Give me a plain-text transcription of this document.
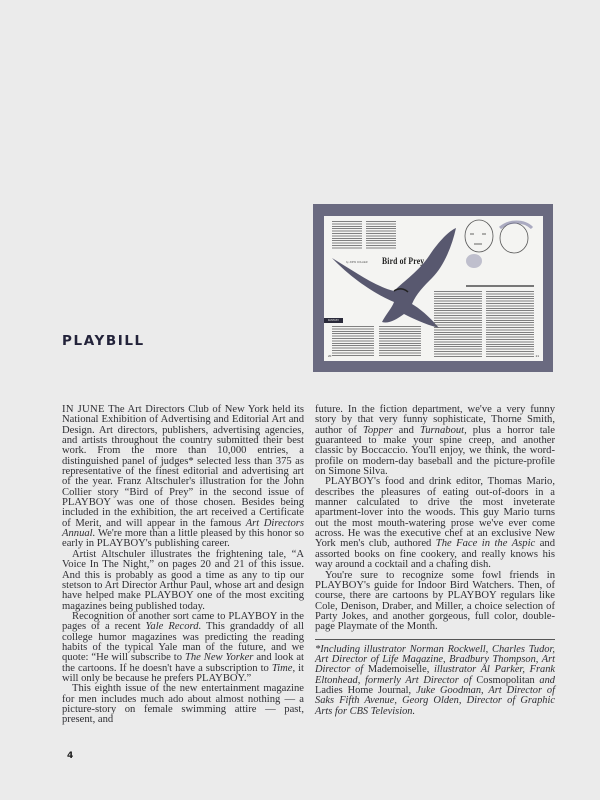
by JOHN COLLIER Bird of Prey
FANTASY
20	21
PLAYBILL

IN JUNE The Art Directors Club of New York held its National Exhibition of Advertising and Editorial Art and Design. Art directors, publishers, advertising agencies, and artists throughout the country submitted their best work. From the more than 10,000 entries, a distinguished panel of judges* selected less than 375 as representative of the finest editorial and advertising art of the year. Franz Altschuler's illustration for the John Collier story “Bird of Prey” in the second issue of PLAYBOY was one of those chosen. Besides being included in the exhibition, the art received a Certificate of Merit, and will appear in the famous Art Directors Annual. We're more than a little pleased by this honor so early in PLAYBOY's publishing career.

Artist Altschuler illustrates the frightening tale, “A Voice In The Night,” on pages 20 and 21 of this issue. And this is probably as good a time as any to tip our stetson to Art Director Arthur Paul, whose art and design have helped make PLAYBOY one of the most exciting magazines being published today.

Recognition of another sort came to PLAYBOY in the pages of a recent Yale Record. This grandaddy of all college humor magazines was predicting the reading habits of the typical Yale man of the future, and we quote: “He will subscribe to The New Yorker and look at the cartoons. If he doesn't have a subscription to Time, it will only be because he prefers PLAYBOY.”

This eighth issue of the new entertainment magazine for men includes much ado about almost nothing — a picture-story on female swimming attire — past, present, and

future. In the fiction department, we've a very funny story by that very funny sophisticate, Thorne Smith, author of Topper and Turnabout, plus a horror tale guaranteed to make your spine creep, and another classic by Boccaccio. You'll enjoy, we think, the word-profile on modern-day baseball and the picture-profile on Simone Silva.

PLAYBOY's food and drink editor, Thomas Mario, describes the pleasures of eating out-of-doors in a manner calculated to drive the most inveterate apartment-lover into the woods. This guy Mario turns out the most mouth-watering prose we've ever come across. He was the executive chef at an exclusive New York men's club, authored The Face in the Aspic and assorted books on fine cookery, and really knows his way around a cocktail and a chafing dish.

You're sure to recognize some fowl friends in PLAYBOY's guide for Indoor Bird Watchers. Then, of course, there are cartoons by PLAYBOY regulars like Cole, Denison, Draber, and Miller, a choice selection of Party Jokes, and another gorgeous, full color, double-page Playmate of the Month.

*Including illustrator Norman Rockwell, Charles Tudor, Art Director of Life Magazine, Bradbury Thompson, Art Director of Mademoiselle, illustrator Al Parker, Frank Eltonhead, formerly Art Director of Cosmopolitan and Ladies Home Journal, Juke Goodman, Art Director of Saks Fifth Avenue, Georg Olden, Director of Graphic Arts for CBS Television.

4
